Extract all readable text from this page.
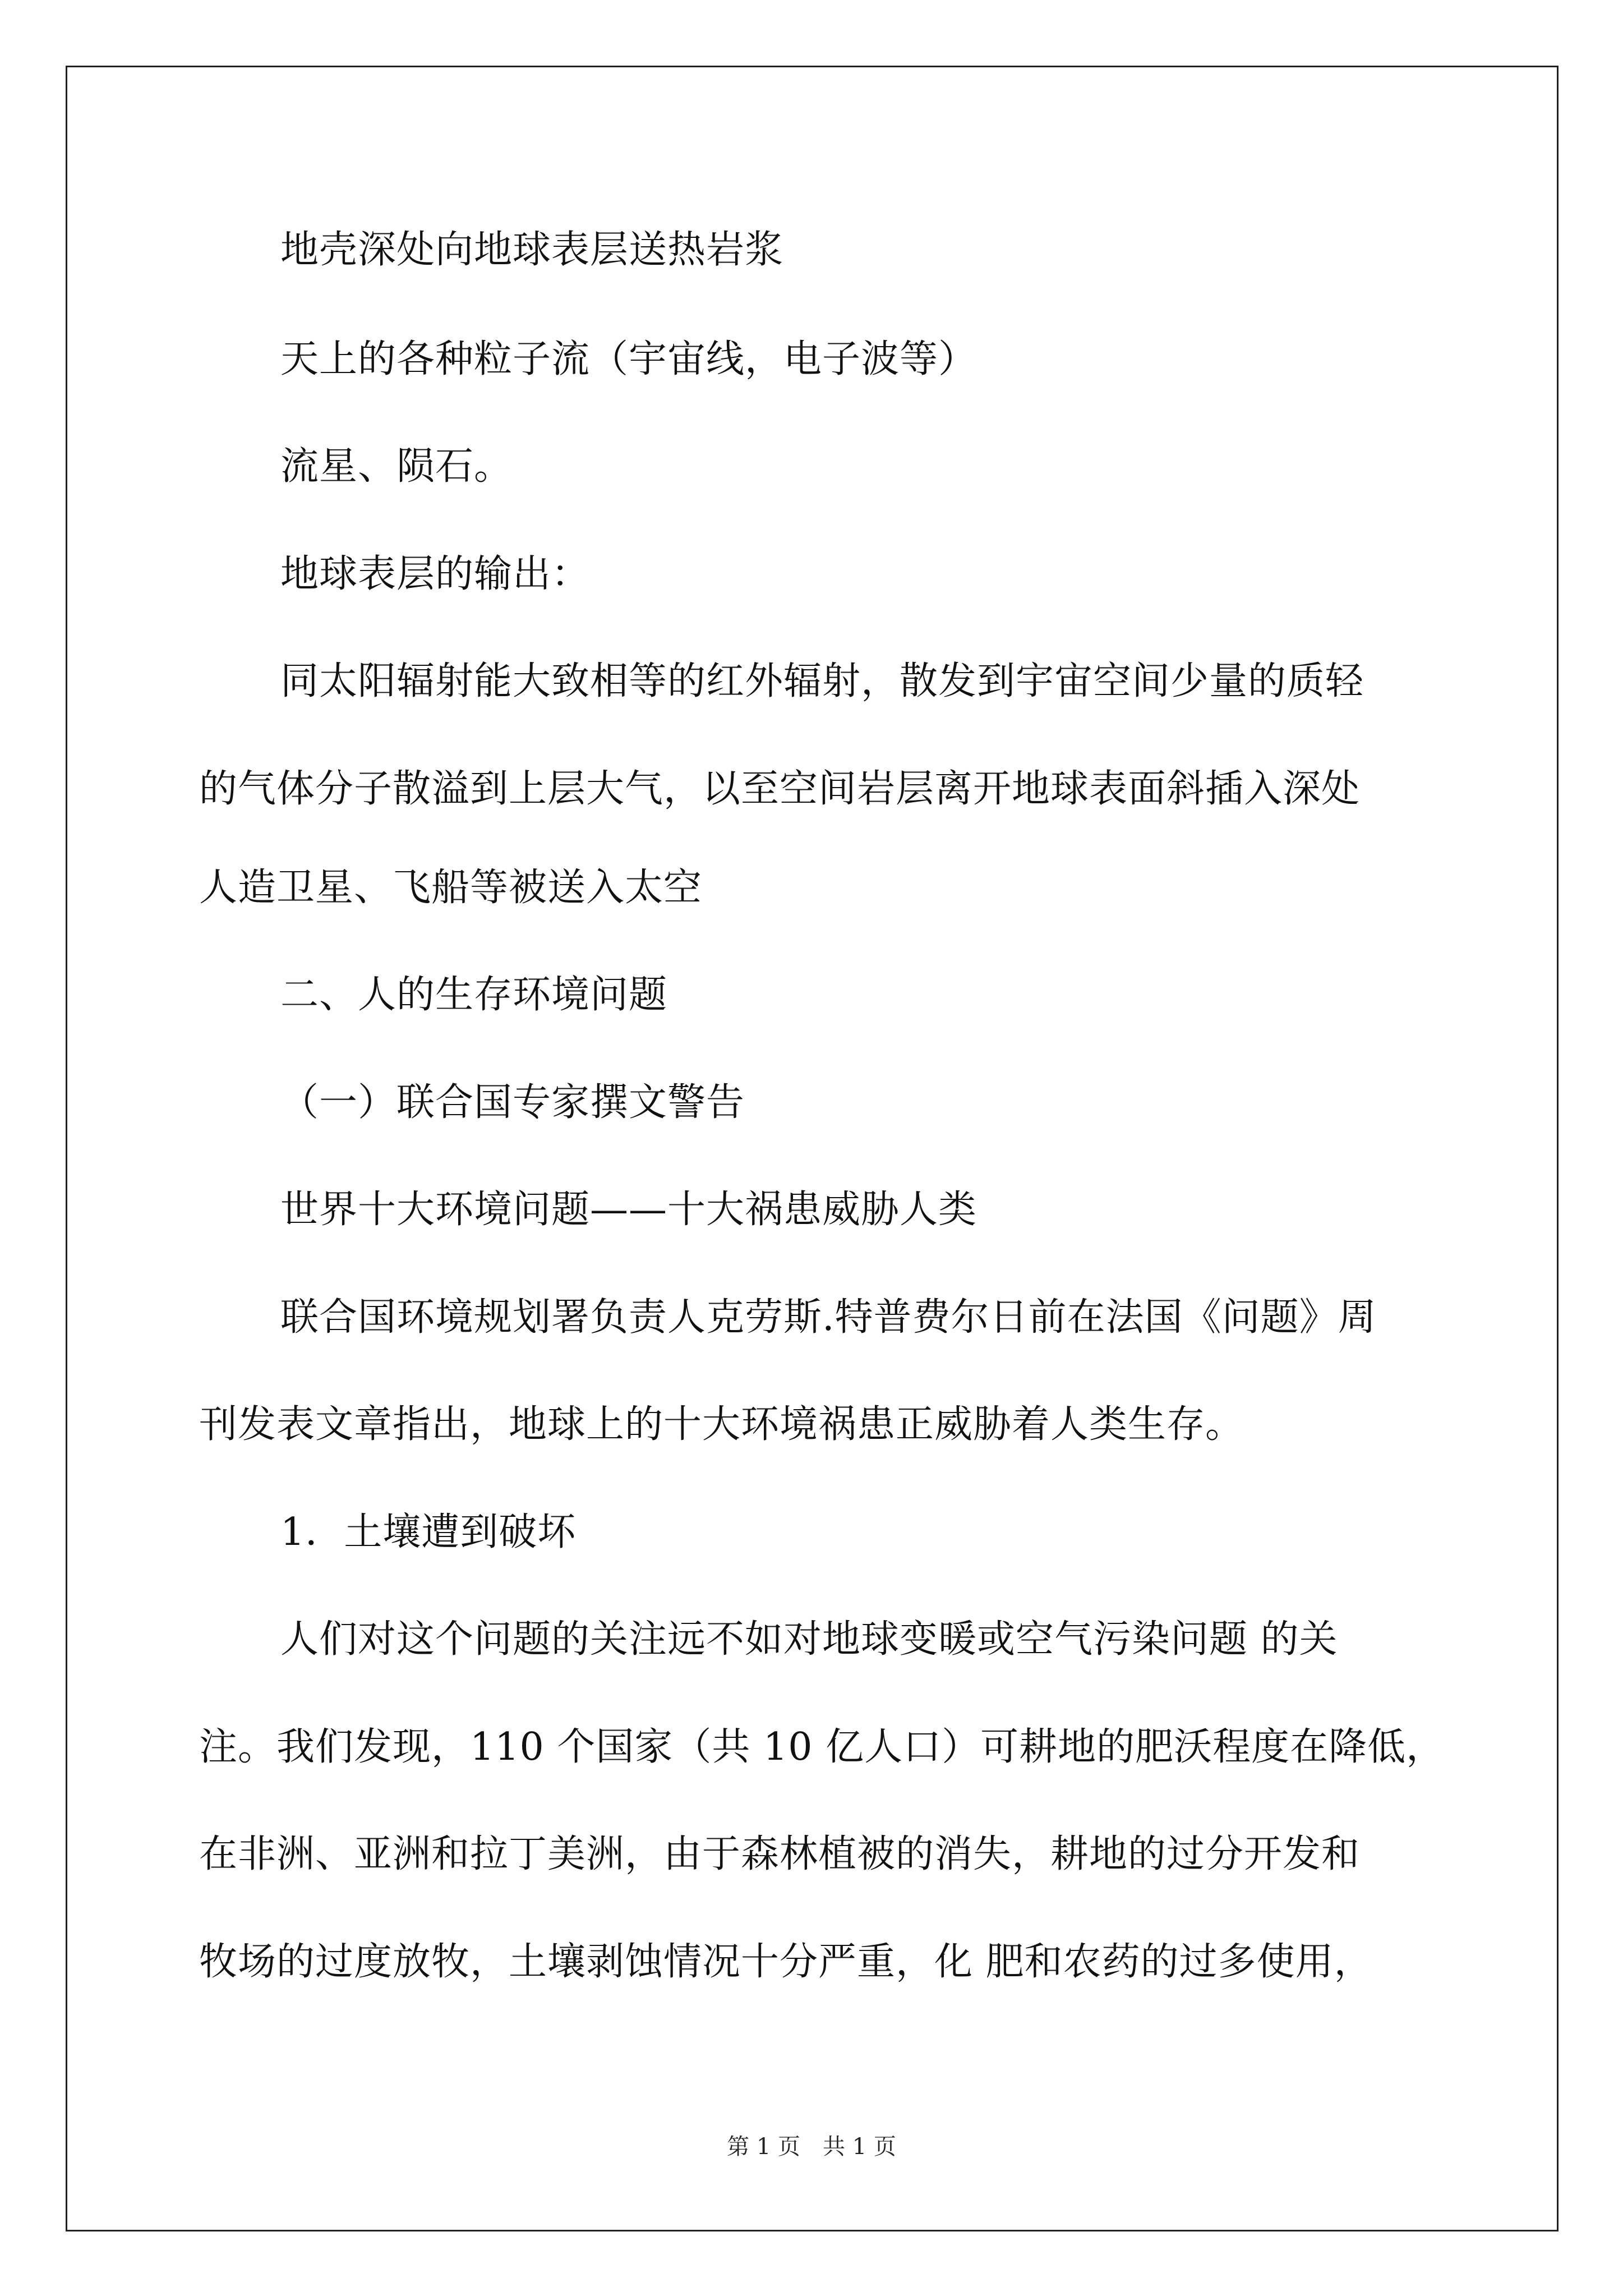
地壳深处向地球表层送热岩浆
天上的各种粒子流（宇宙线，电子波等）
流星、陨石。
地球表层的输出：
同太阳辐射能大致相等的红外辐射，散发到宇宙空间少量的质轻
的气体分子散溢到上层大气，以至空间岩层离开地球表面斜插入深处
人造卫星、飞船等被送入太空
二、人的生存环境问题
（一）联合国专家撰文警告
世界十大环境问题——十大祸患威胁人类
联合国环境规划署负责人克劳斯.特普费尔日前在法国《问题》周
刊发表文章指出，地球上的十大环境祸患正威胁着人类生存。
1．土壤遭到破坏
人们对这个问题的关注远不如对地球变暖或空气污染问题 的关
注。我们发现，110 个国家（共 10 亿人口）可耕地的肥沃程度在降低，
在非洲、亚洲和拉丁美洲，由于森林植被的消失，耕地的过分开发和
牧场的过度放牧，土壤剥蚀情况十分严重，化 肥和农药的过多使用，
第 1 页　共 1 页
